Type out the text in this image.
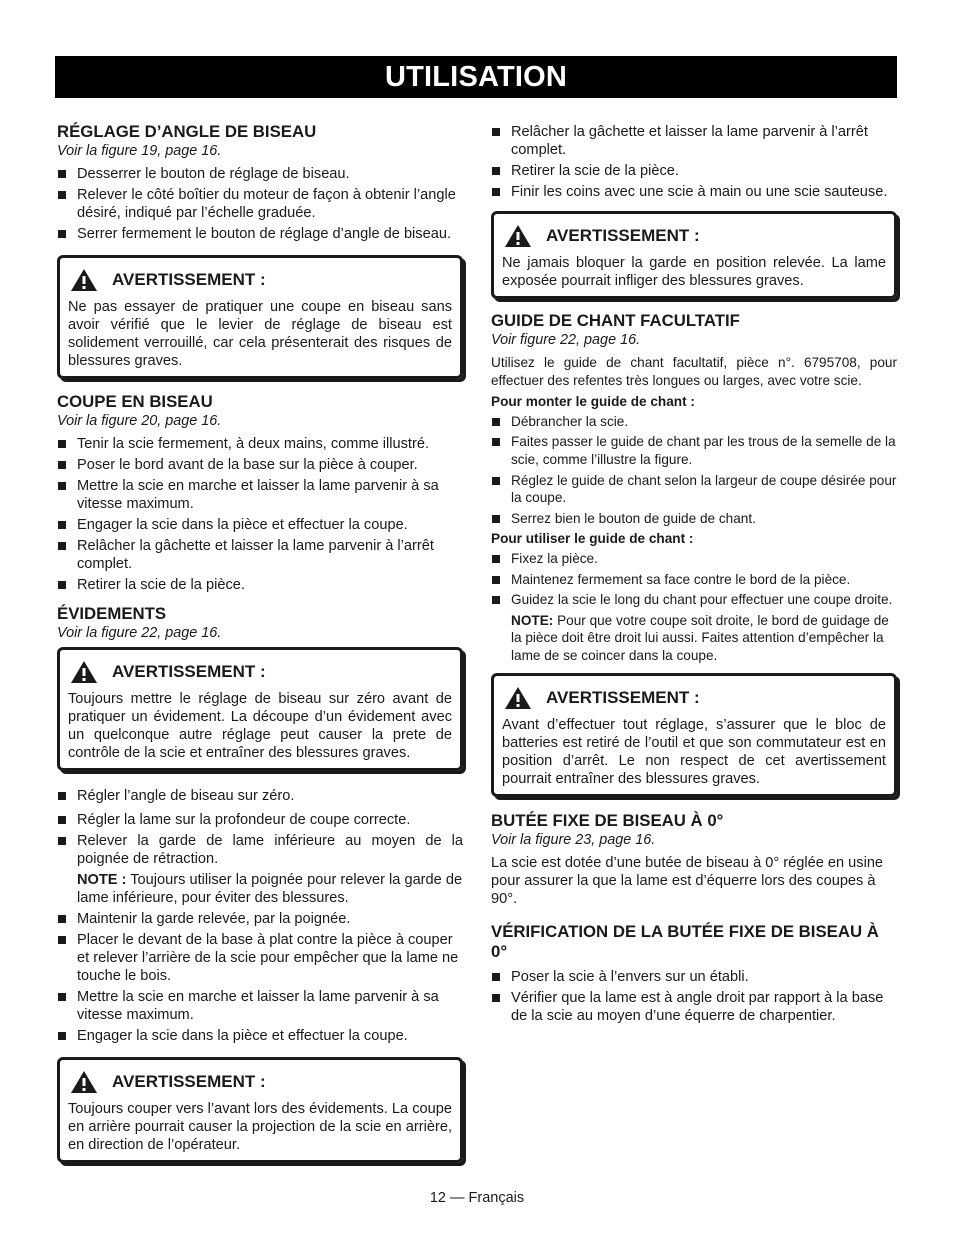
UTILISATION
RÉGLAGE D’ANGLE DE BISEAU

Voir la figure 19, page 16.

Desserrer le bouton de réglage de biseau.
Relever le côté boîtier du moteur de façon à obtenir l’angle désiré, indiqué par l’échelle graduée.
Serrer fermement le bouton de réglage d’angle de biseau.
AVERTISSEMENT :

Ne pas essayer de pratiquer une coupe en biseau sans avoir vérifié que le levier de réglage de biseau est solidement verrouillé, car cela présenterait des risques de blessures graves.

COUPE EN BISEAU

Voir la figure 20, page 16.

Tenir la scie fermement, à deux mains, comme illustré.
Poser le bord avant de la base sur la pièce à couper.
Mettre la scie en marche et laisser la lame parvenir à sa vitesse maximum.
Engager la scie dans la pièce et effectuer la coupe.
Relâcher la gâchette et laisser la lame parvenir à l’arrêt complet.
Retirer la scie de la pièce.
ÉVIDEMENTS

Voir la figure 22, page 16.

AVERTISSEMENT :

Toujours mettre le réglage de biseau sur zéro avant de pratiquer un évidement. La découpe d’un évidement avec un quelconque autre réglage peut causer la prete de contrôle de la scie et entraîner des blessures graves.

Régler l’angle de biseau sur zéro.
Régler la lame sur la profondeur de coupe correcte.
Relever la garde de lame inférieure au moyen de la poignée de rétraction.

NOTE : Toujours utiliser la poignée pour relever la garde de lame inférieure, pour éviter des blessures.

Maintenir la garde relevée, par la poignée.
Placer le devant de la base à plat contre la pièce à couper et relever l’arrière de la scie pour empêcher que la lame ne touche le bois.
Mettre la scie en marche et laisser la lame parvenir à sa vitesse maximum.
Engager la scie dans la pièce et effectuer la coupe.
AVERTISSEMENT :

Toujours couper vers l’avant lors des évidements. La coupe en arrière pourrait causer la projection de la scie en arrière, en direction de l’opérateur.

Relâcher la gâchette et laisser la lame parvenir à l’arrêt complet.
Retirer la scie de la pièce.
Finir les coins avec une scie à main ou une scie sauteuse.
AVERTISSEMENT :

Ne jamais bloquer la garde en position relevée. La lame exposée pourrait infliger des blessures graves.

GUIDE DE CHANT FACULTATIF

Voir figure 22, page 16.

Utilisez le guide de chant facultatif, pièce n°. 6795708, pour effectuer des refentes très longues ou larges, avec votre scie.

Pour monter le guide de chant :

Débrancher la scie.
Faites passer le guide de chant par les trous de la semelle de la scie, comme l’illustre la figure.
Réglez le guide de chant selon la largeur de coupe désirée pour la coupe.
Serrez bien le bouton de guide de chant.

Pour utiliser le guide de chant :

Fixez la pièce.
Maintenez fermement sa face contre le bord de la pièce.
Guidez la scie le long du chant pour effectuer une coupe droite.

NOTE: Pour que votre coupe soit droite, le bord de guidage de la pièce doit être droit lui aussi. Faites attention d’empêcher la lame de se coincer dans la coupe.

AVERTISSEMENT :

Avant d’effectuer tout réglage, s’assurer que le bloc de batteries est retiré de l’outil et que son commutateur est en position d’arrêt. Le non respect de cet avertissement pourrait entraîner des blessures graves.

BUTÉE FIXE DE BISEAU À 0°

Voir la figure 23, page 16.

La scie est dotée d’une butée de biseau à 0° réglée en usine pour assurer la que la lame est d’équerre lors des coupes à 90°.

VÉRIFICATION DE LA BUTÉE FIXE DE BISEAU À 0°
Poser la scie à l’envers sur un établi.
Vérifier que la lame est à angle droit par rapport à la base de la scie au moyen d’une équerre de charpentier.
12 — Français
